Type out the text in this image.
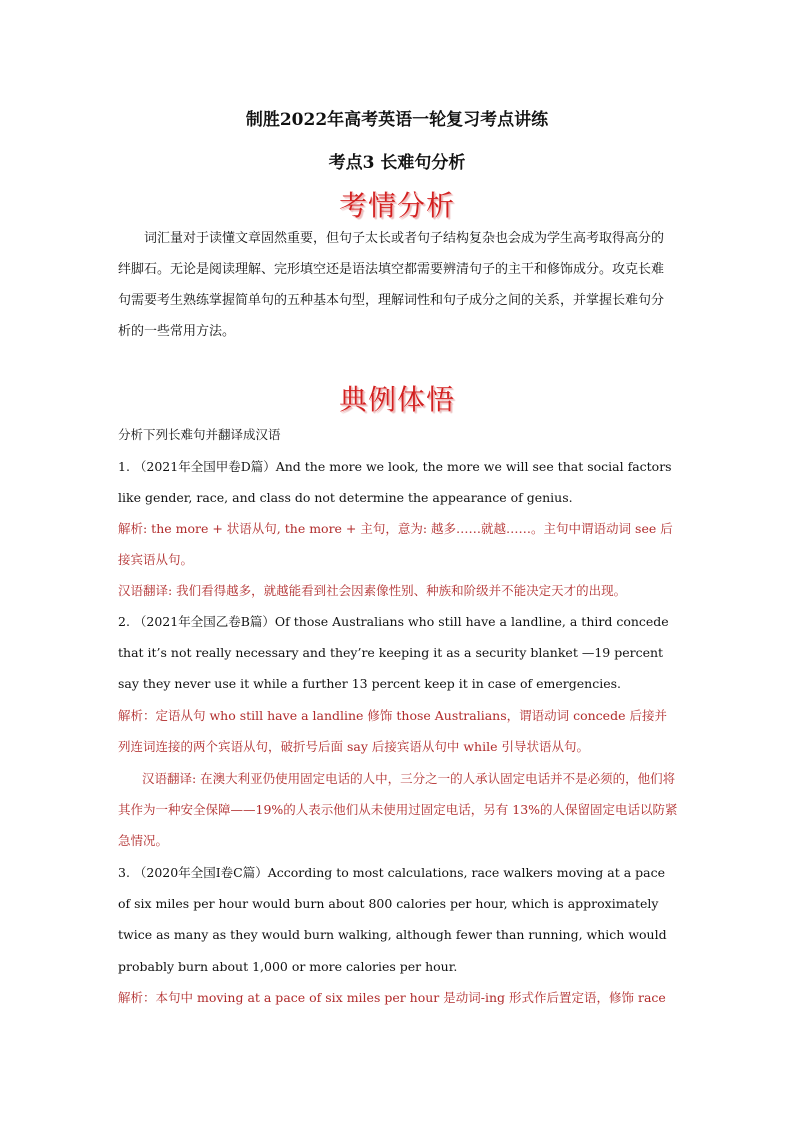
制胜2022年高考英语一轮复习考点讲练
考点3 长难句分析
考情分析
词汇量对于读懂文章固然重要，但句子太长或者句子结构复杂也会成为学生高考取得高分的绊脚石。无论是阅读理解、完形填空还是语法填空都需要辨清句子的主干和修饰成分。攻克长难句需要考生熟练掌握简单句的五种基本句型，理解词性和句子成分之间的关系，并掌握长难句分析的一些常用方法。
典例体悟
分析下列长难句并翻译成汉语
1. （2021年全国甲卷D篇）And the more we look, the more we will see that social factors like gender, race, and class do not determine the appearance of genius.
解析: the more + 状语从句, the more + 主句，意为: 越多……就越……。主句中谓语动词 see 后接宾语从句。
汉语翻译: 我们看得越多，就越能看到社会因素像性别、种族和阶级并不能决定天才的出现。
2. （2021年全国乙卷B篇）Of those Australians who still have a landline, a third concede that it’s not really necessary and they’re keeping it as a security blanket —19 percent say they never use it while a further 13 percent keep it in case of emergencies.
解析：定语从句 who still have a landline 修饰 those Australians，谓语动词 concede 后接并列连词连接的两个宾语从句，破折号后面 say 后接宾语从句中 while 引导状语从句。
汉语翻译: 在澳大利亚仍使用固定电话的人中，三分之一的人承认固定电话并不是必须的，他们将其作为一种安全保障——19%的人表示他们从未使用过固定电话，另有 13%的人保留固定电话以防紧急情况。
3. （2020年全国I卷C篇）According to most calculations, race walkers moving at a pace of six miles per hour would burn about 800 calories per hour, which is approximately twice as many as they would burn walking, although fewer than running, which would probably burn about 1,000 or more calories per hour.
解析：本句中 moving at a pace of six miles per hour 是动词-ing 形式作后置定语，修饰 race
